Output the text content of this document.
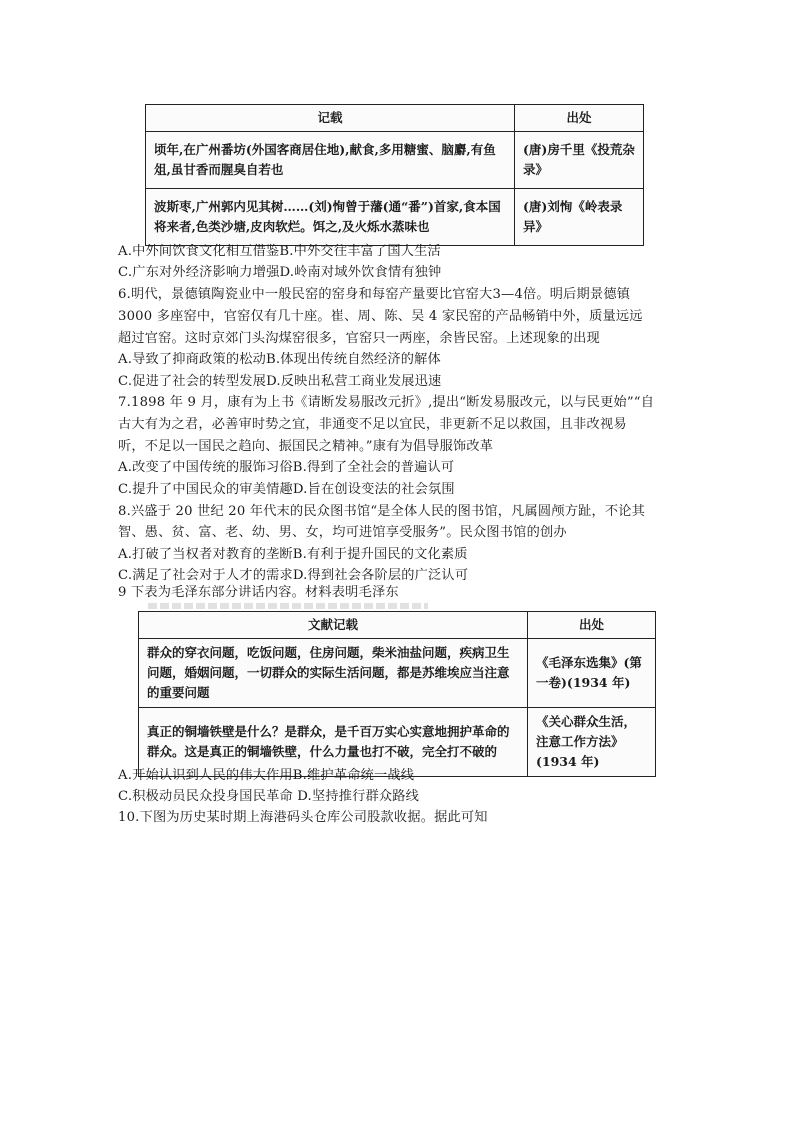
记载	出处
顷年,在广州番坊(外国客商居住地),献食,多用糖蜜、脑麝,有鱼俎,虽甘香而腥臭自若也	(唐)房千里《投荒杂录》
波斯枣,广州郭内见其树……(刘)恂曾于藩(通“番”)首家,食本国将来者,色类沙塘,皮肉软烂。饵之,及火烁水蒸味也	(唐)刘恂《岭表录异》
A.中外间饮食文化相互借鉴B.中外交往丰富了国人生活
C.广东对外经济影响力增强D.岭南对域外饮食情有独钟
6.明代，景德镇陶瓷业中一般民窑的窑身和每窑产量要比官窑大3—4倍。明后期景德镇
3000 多座窑中，官窑仅有几十座。崔、周、陈、吴 4 家民窑的产品畅销中外，质量远远
超过官窑。这时京郊门头沟煤窑很多，官窑只一两座，余皆民窑。上述现象的出现
A.导致了抑商政策的松动B.体现出传统自然经济的解体
C.促进了社会的转型发展D.反映出私营工商业发展迅速
7.1898 年 9 月，康有为上书《请断发易服改元折》,提出“断发易服改元，以与民更始”“自
古大有为之君，必善审时势之宜，非通变不足以宜民，非更新不足以救国，且非改视易
听，不足以一国民之趋向、振国民之精神。”康有为倡导服饰改革
A.改变了中国传统的服饰习俗B.得到了全社会的普遍认可
C.提升了中国民众的审美情趣D.旨在创设变法的社会氛围
8.兴盛于 20 世纪 20 年代末的民众图书馆“是全体人民的图书馆，凡属圆颅方趾，不论其
智、愚、贫、富、老、幼、男、女，均可进馆享受服务”。民众图书馆的创办
A.打破了当权者对教育的垄断B.有利于提升国民的文化素质
C.满足了社会对于人才的需求D.得到社会各阶层的广泛认可
9 下表为毛泽东部分讲话内容。材料表明毛泽东
文献记载	出处
群众的穿衣问题，吃饭问题，住房问题，柴米油盐问题，疾病卫生问题，婚姻问题，一切群众的实际生活问题，都是苏维埃应当注意的重要问题	《毛泽东选集》(第一卷)(1934 年)
真正的铜墙铁壁是什么？是群众，是千百万实心实意地拥护革命的群众。这是真正的铜墙铁壁，什么力量也打不破，完全打不破的	《关心群众生活，注意工作方法》(1934 年)
A.开始认识到人民的伟大作用B.维护革命统一战线
C.积极动员民众投身国民革命 D.坚持推行群众路线
10.下图为历史某时期上海港码头仓库公司股款收据。据此可知
